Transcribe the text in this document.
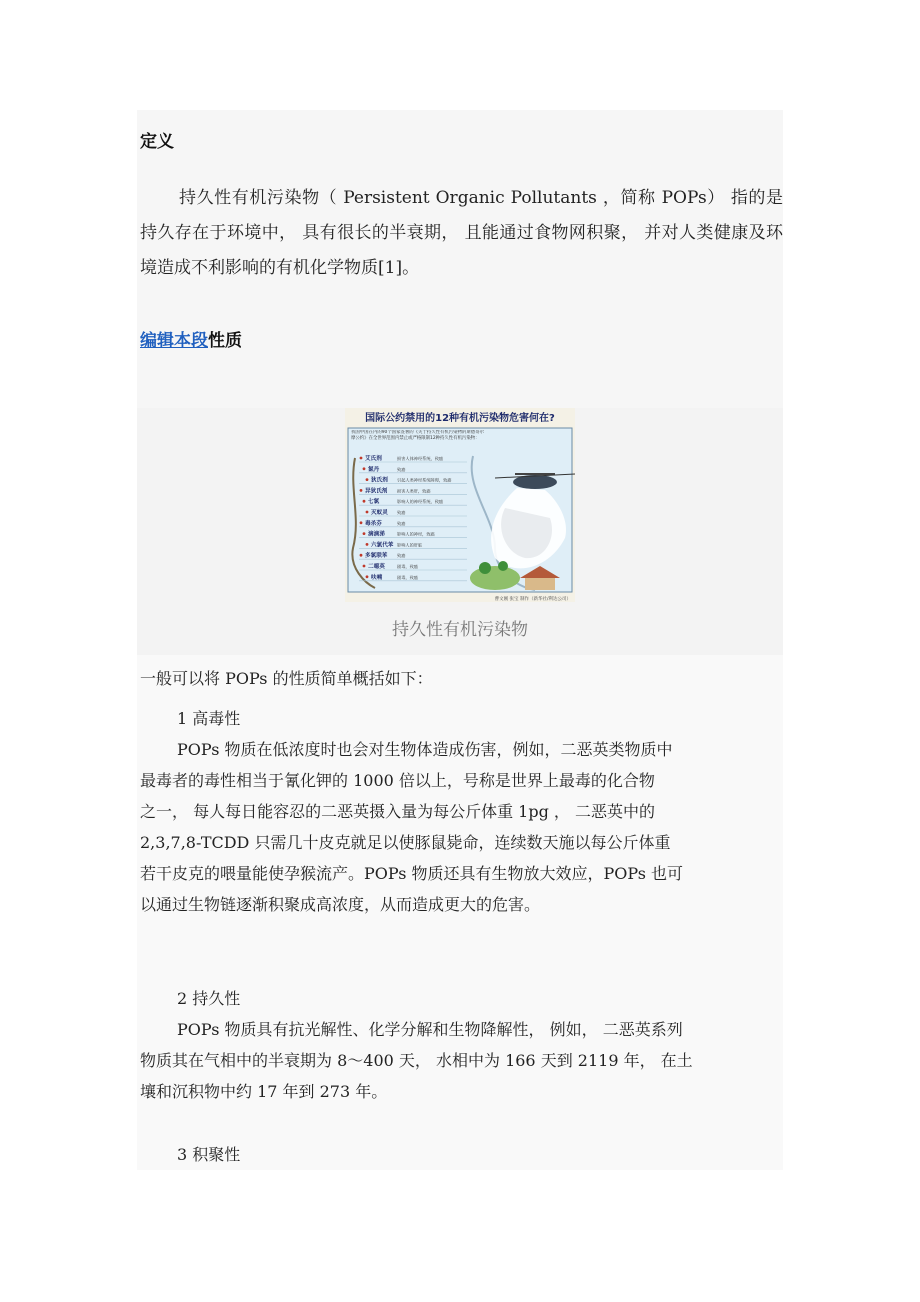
定义
持久性有机污染物（ Persistent Organic Pollutants ，简称 POPs） 指的是持久存在于环境中， 具有很长的半衰期， 且能通过食物网积聚， 并对人类健康及环境造成不利影响的有机化学物质[1]。
编辑本段性质
国际公约禁用的12种有机污染物危害何在?
我国中国在内的90个国家签署的《关于持久性有机污染物的斯德哥尔摩公约》在全世界范围内禁止或严格限制12种持久性有机污染物：
艾氏剂	损害人体神经系统，致癌
氯丹	致癌
狄氏剂 引起人类神经系统障碍，致癌
异狄氏剂 损害人类肝，致癌
七氯	影响人的神经系统，致癌
灭蚁灵 致癌
毒杀芬	致癌
滴滴涕	影响人的神经，致癌
六氯代苯 影响人的肝脏
多氯联苯 致癌
二噁英	剧毒，致癌
呋喃	剧毒，致癌
曹文刚 张宝 制作（新华社/利达公司）
持久性有机污染物
一般可以将 POPs 的性质简单概括如下：
1 高毒性
POPs 物质在低浓度时也会对生物体造成伤害，例如，二恶英类物质中
最毒者的毒性相当于氰化钾的 1000 倍以上，号称是世界上最毒的化合物
之一， 每人每日能容忍的二恶英摄入量为每公斤体重 1pg ， 二恶英中的
2,3,7,8-TCDD 只需几十皮克就足以使豚鼠毙命，连续数天施以每公斤体重
若干皮克的喂量能使孕猴流产。POPs 物质还具有生物放大效应，POPs 也可
以通过生物链逐渐积聚成高浓度，从而造成更大的危害。
2 持久性
POPs 物质具有抗光解性、化学分解和生物降解性， 例如， 二恶英系列
物质其在气相中的半衰期为 8～400 天， 水相中为 166 天到 2119 年， 在土
壤和沉积物中约 17 年到 273 年。
3 积聚性
